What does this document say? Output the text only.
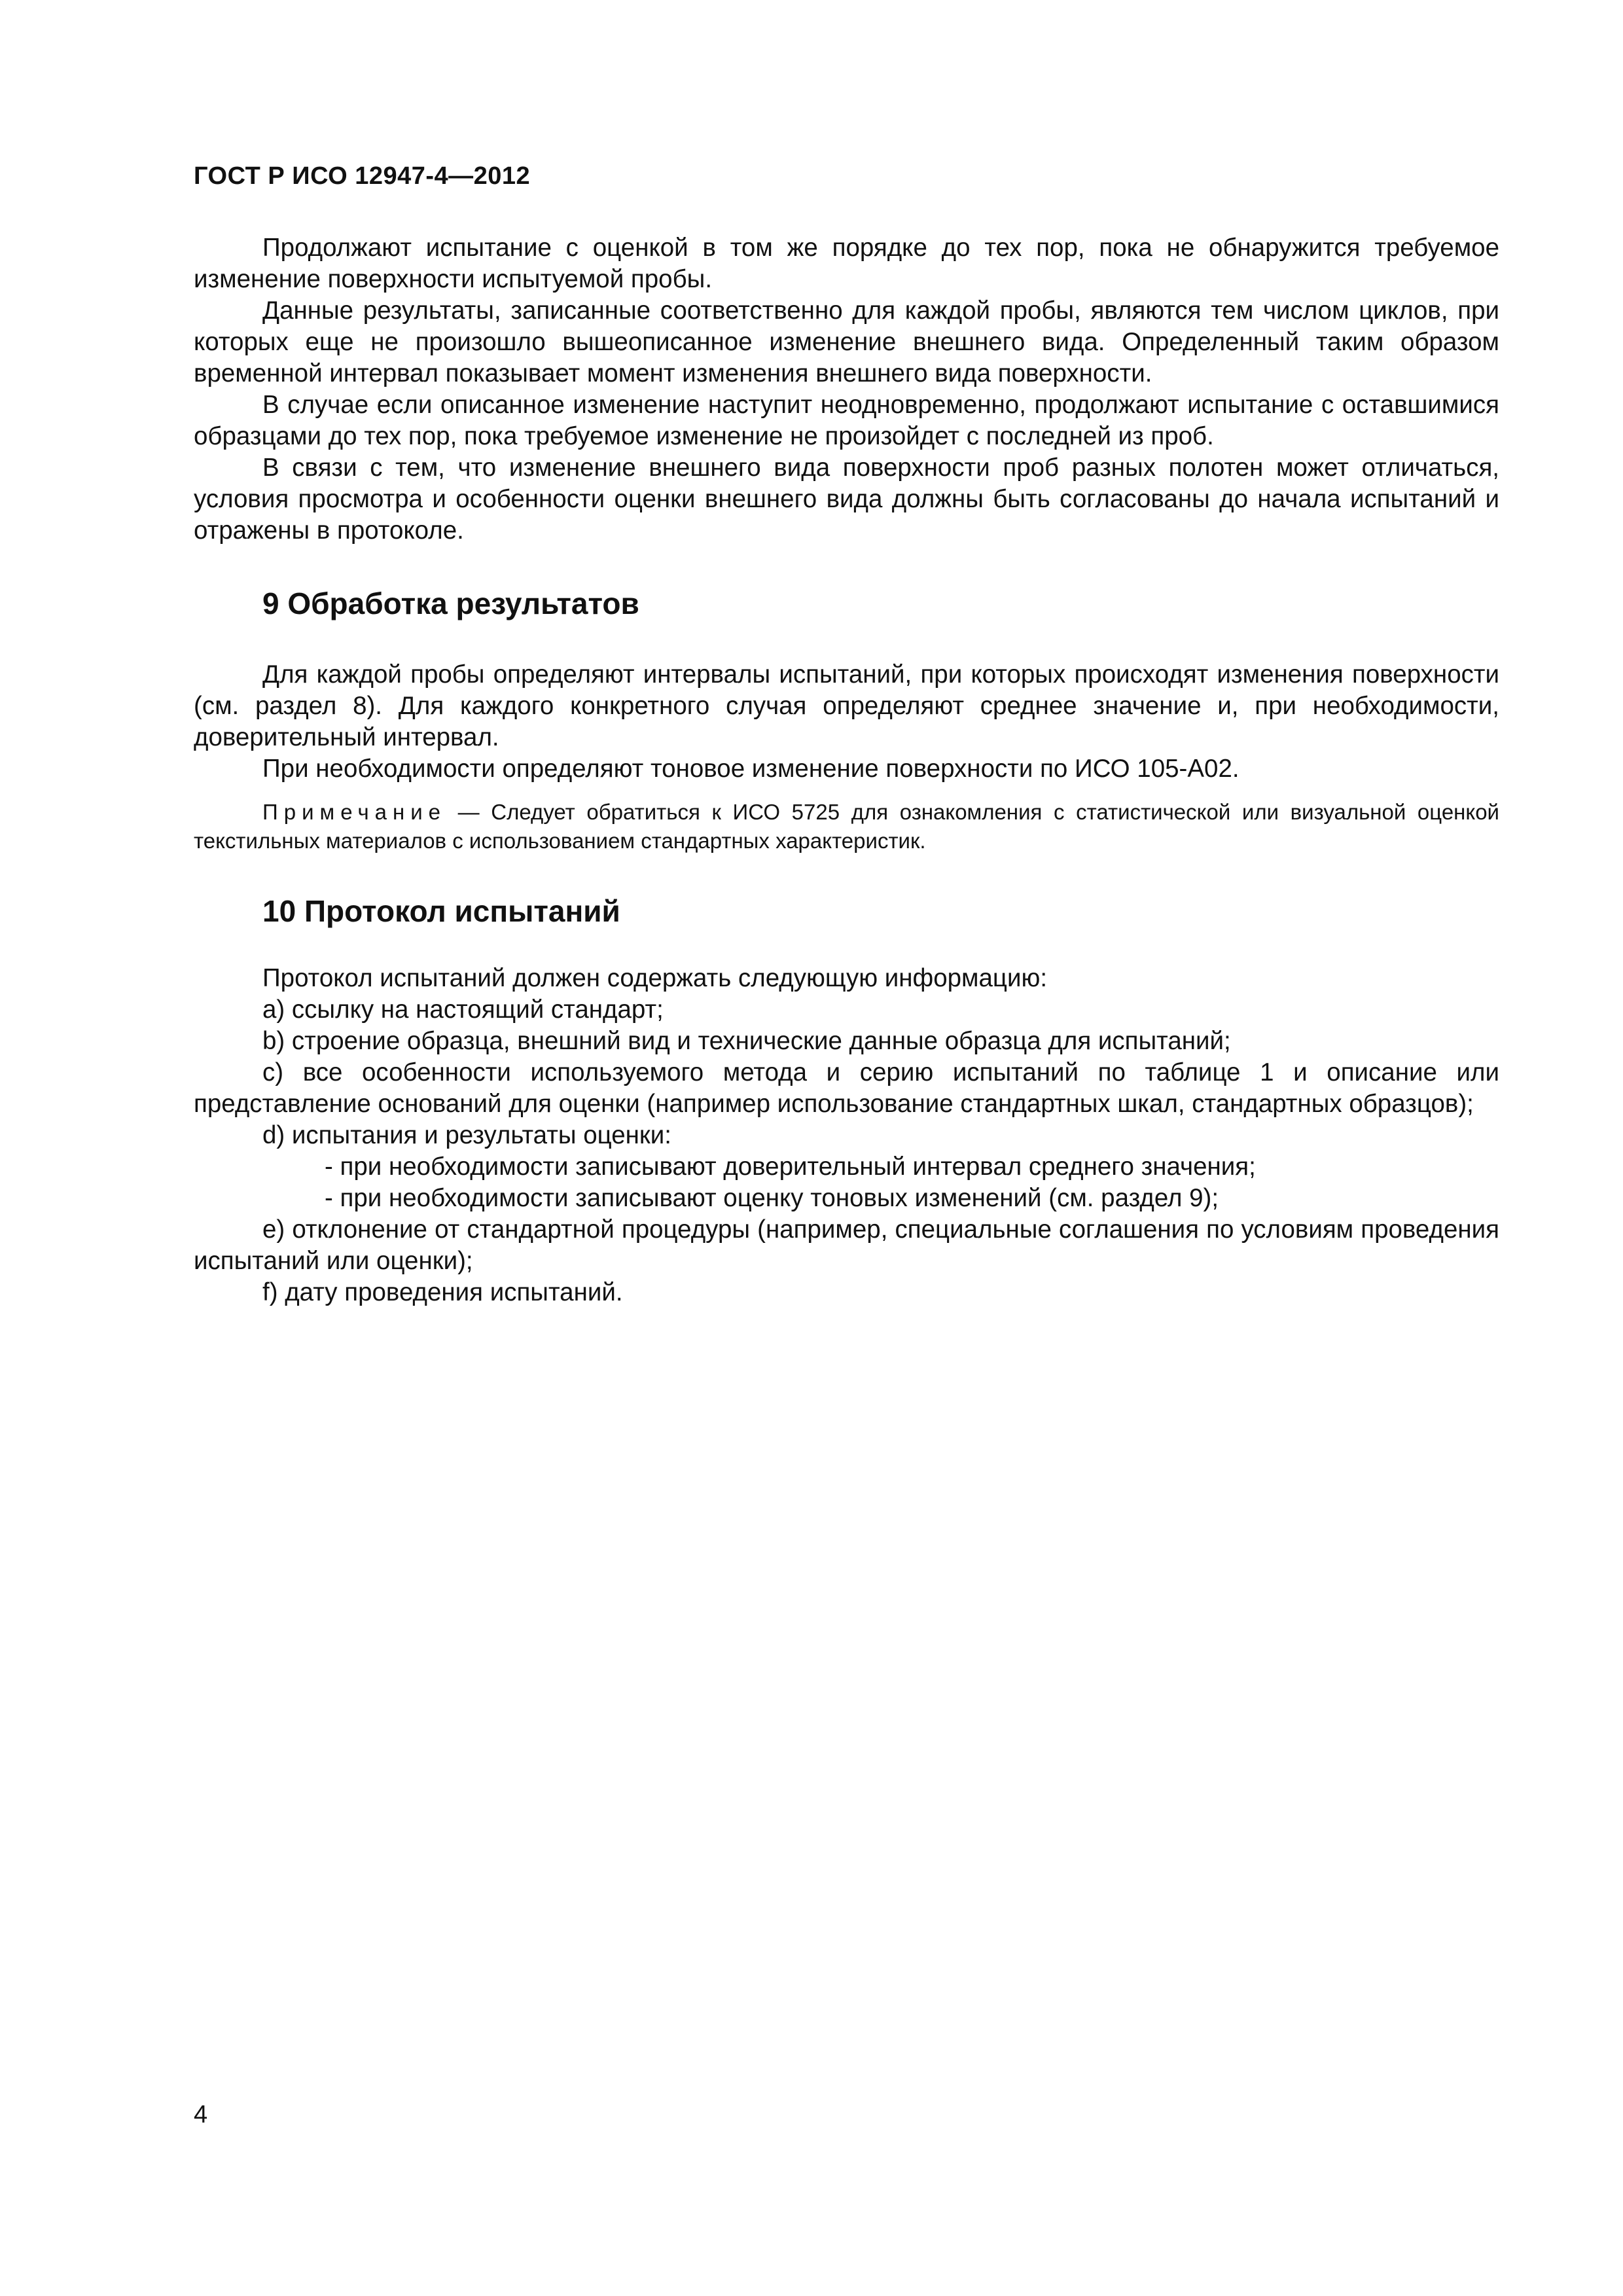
ГОСТ Р ИСО 12947-4—2012

Продолжают испытание с оценкой в том же порядке до тех пор, пока не обнаружится требуемое изменение поверхности испытуемой пробы.

Данные результаты, записанные соответственно для каждой пробы, являются тем числом циклов, при которых еще не произошло вышеописанное изменение внешнего вида. Определенный таким образом временной интервал показывает момент изменения внешнего вида поверхности.

В случае если описанное изменение наступит неодновременно, продолжают испытание с оставшимися образцами до тех пор, пока требуемое изменение не произойдет с последней из проб.

В связи с тем, что изменение внешнего вида поверхности проб разных полотен может отличаться, условия просмотра и особенности оценки внешнего вида должны быть согласованы до начала испытаний и отражены в протоколе.

9 Обработка результатов

Для каждой пробы определяют интервалы испытаний, при которых происходят изменения поверхности (см. раздел 8). Для каждого конкретного случая определяют среднее значение и, при необходимости, доверительный интервал.

При необходимости определяют тоновое изменение поверхности по ИСО 105-A02.

Примечание — Следует обратиться к ИСО 5725 для ознакомления с статистической или визуальной оценкой текстильных материалов с использованием стандартных характеристик.

10 Протокол испытаний

Протокол испытаний должен содержать следующую информацию:

a) ссылку на настоящий стандарт;

b) строение образца, внешний вид и технические данные образца для испытаний;

c) все особенности используемого метода и серию испытаний по таблице 1 и описание или представление оснований для оценки (например использование стандартных шкал, стандартных образцов);

d) испытания и результаты оценки:

- при необходимости записывают доверительный интервал среднего значения;

- при необходимости записывают оценку тоновых изменений (см. раздел 9);

e) отклонение от стандартной процедуры (например, специальные соглашения по условиям проведения испытаний или оценки);

f) дату проведения испытаний.

4
